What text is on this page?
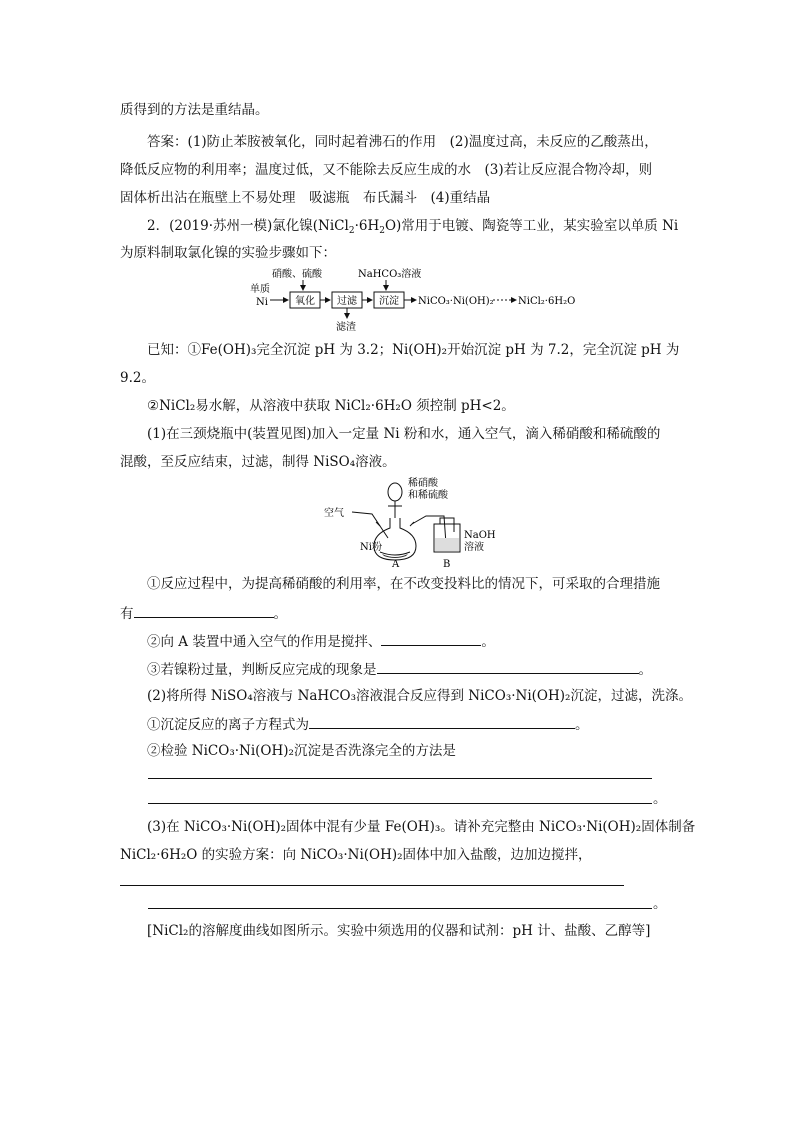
质得到的方法是重结晶。
答案：(1)防止苯胺被氧化，同时起着沸石的作用　(2)温度过高，未反应的乙酸蒸出，
降低反应物的利用率；温度过低，又不能除去反应生成的水　(3)若让反应混合物冷却，则
固体析出沾在瓶壁上不易处理　吸滤瓶　布氏漏斗　(4)重结晶
2．(2019·苏州一模)氯化镍$(NiCl_2\cdot 6H_2O)$常用于电镀、陶瓷等工业，某实验室以单质 Ni
为原料制取氯化镍的实验步骤如下：
硝酸、硫酸	NaHCO₃溶液
单质
Ni	氧化 过滤
滤渣
沉淀 NiCO₃·Ni(OH)₂ NiCl₂·6H₂O
已知：①Fe(OH)₃完全沉淀 pH 为 3.2；Ni(OH)₂开始沉淀 pH 为 7.2，完全沉淀 pH 为
9.2。
②NiCl₂易水解，从溶液中获取 NiCl₂·6H₂O 须控制 pH<2。
(1)在三颈烧瓶中(装置见图)加入一定量 Ni 粉和水，通入空气，滴入稀硝酸和稀硫酸的
混酸，至反应结束，过滤，制得 NiSO₄溶液。
稀硝酸
和稀硫酸
空气
Ni粉
NaOH
溶液
A	B
①反应过程中，为提高稀硝酸的利用率，在不改变投料比的情况下，可采取的合理措施
有	。
②向 A 装置中通入空气的作用是搅拌、	。
③若镍粉过量，判断反应完成的现象是	。
(2)将所得 NiSO₄溶液与 NaHCO₃溶液混合反应得到 NiCO₃·Ni(OH)₂沉淀，过滤，洗涤。
①沉淀反应的离子方程式为	。
②检验 NiCO₃·Ni(OH)₂沉淀是否洗涤完全的方法是
。
(3)在 NiCO₃·Ni(OH)₂固体中混有少量 Fe(OH)₃。请补充完整由 NiCO₃·Ni(OH)₂固体制备
NiCl₂·6H₂O 的实验方案：向 NiCO₃·Ni(OH)₂固体中加入盐酸，边加边搅拌，
。
[NiCl₂的溶解度曲线如图所示。实验中须选用的仪器和试剂：pH 计、盐酸、乙醇等]
